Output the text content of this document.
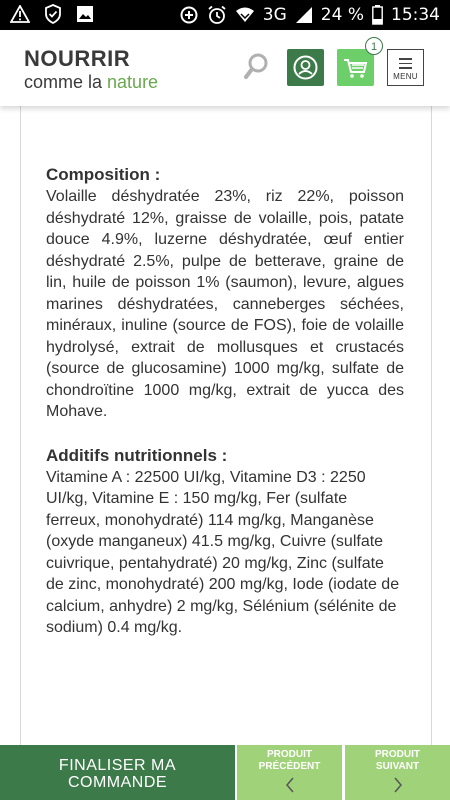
3G 24 % 15:34
NOURRIR
comme la nature
1
MENU

Composition :

Volaille déshydratée 23%, riz 22%, poisson déshydraté 12%, graisse de volaille, pois, patate douce 4.9%, luzerne déshydratée, œuf entier déshydraté 2.5%, pulpe de betterave, graine de lin, huile de poisson 1% (saumon), levure, algues marines déshydratées, canneberges séchées, minéraux, inuline (source de FOS), foie de volaille hydrolysé, extrait de mollusques et crustacés (source de glucosamine) 1000 mg/kg, sulfate de chondroïtine 1000 mg/kg, extrait de yucca des Mohave.

Additifs nutritionnels :

Vitamine A : 22500 UI/kg, Vitamine D3 : 2250 UI/kg, Vitamine E : 150 mg/kg, Fer (sulfate ferreux, monohydraté) 114 mg/kg, Manganèse (oxyde manganeux) 41.5 mg/kg, Cuivre (sulfate cuivrique, pentahydraté) 20 mg/kg, Zinc (sulfate de zinc, monohydraté) 200 mg/kg, Iode (iodate de calcium, anhydre) 2 mg/kg, Sélénium (sélénite de sodium) 0.4 mg/kg.

FINALISER MA
COMMANDE
PRODUIT
PRÉCÉDENT
PRODUIT
SUIVANT
